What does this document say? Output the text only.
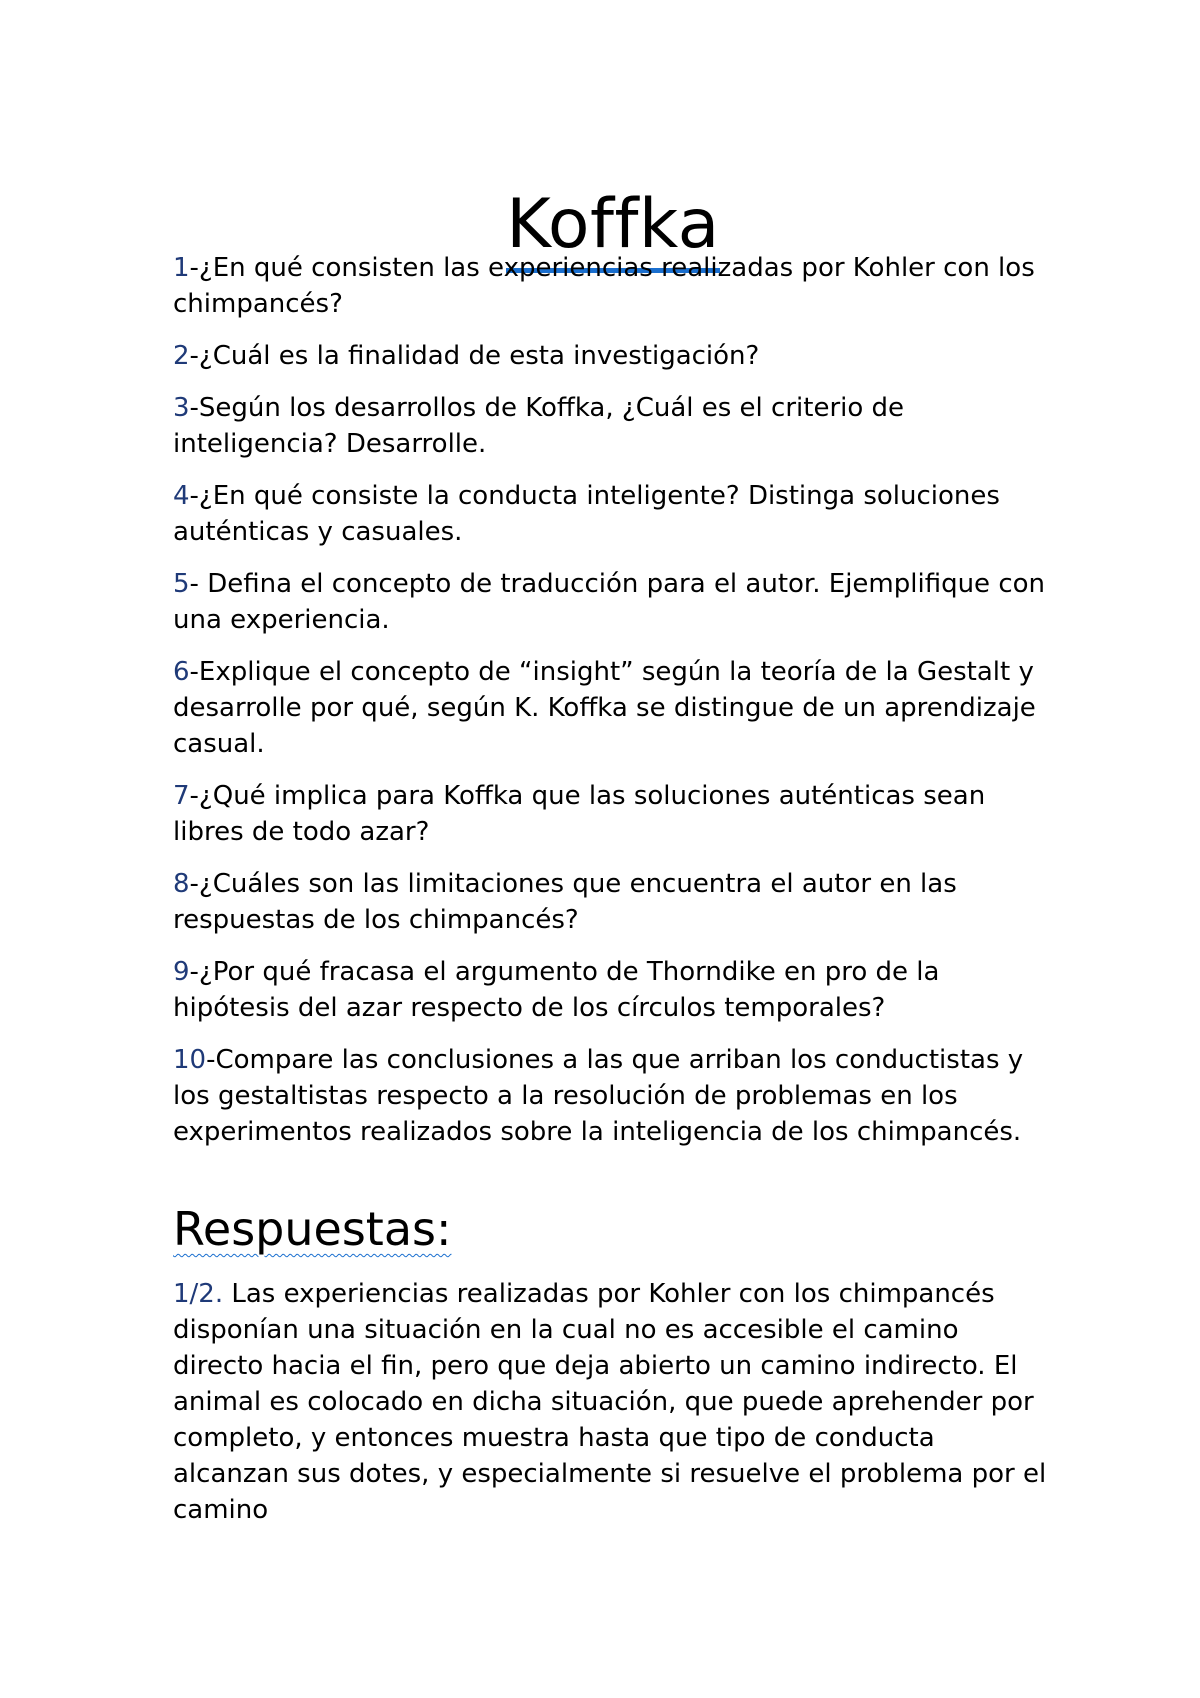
Koffka
1-¿En qué consisten las experiencias realizadas por Kohler con los chimpancés?
2-¿Cuál es la finalidad de esta investigación?
3-Según los desarrollos de Koffka, ¿Cuál es el criterio de inteligencia? Desarrolle.
4-¿En qué consiste la conducta inteligente? Distinga soluciones auténticas y casuales.
5- Defina el concepto de traducción para el autor. Ejemplifique con una experiencia.
6-Explique el concepto de “insight” según la teoría de la Gestalt y desarrolle por qué, según K. Koffka se distingue de un aprendizaje casual.
7-¿Qué implica para Koffka que las soluciones auténticas sean libres de todo azar?
8-¿Cuáles son las limitaciones que encuentra el autor en las respuestas de los chimpancés?
9-¿Por qué fracasa el argumento de Thorndike en pro de la hipótesis del azar respecto de los círculos temporales?
10-Compare las conclusiones a las que arriban los conductistas y los gestaltistas respecto a la resolución de problemas en los experimentos realizados sobre la inteligencia de los chimpancés.
Respuestas:

1/2. Las experiencias realizadas por Kohler con los chimpancés disponían una situación en la cual no es accesible el camino directo hacia el fin, pero que deja abierto un camino indirecto. El animal es colocado en dicha situación, que puede aprehender por completo, y entonces muestra hasta que tipo de conducta alcanzan sus dotes, y especialmente si resuelve el problema por el camino
